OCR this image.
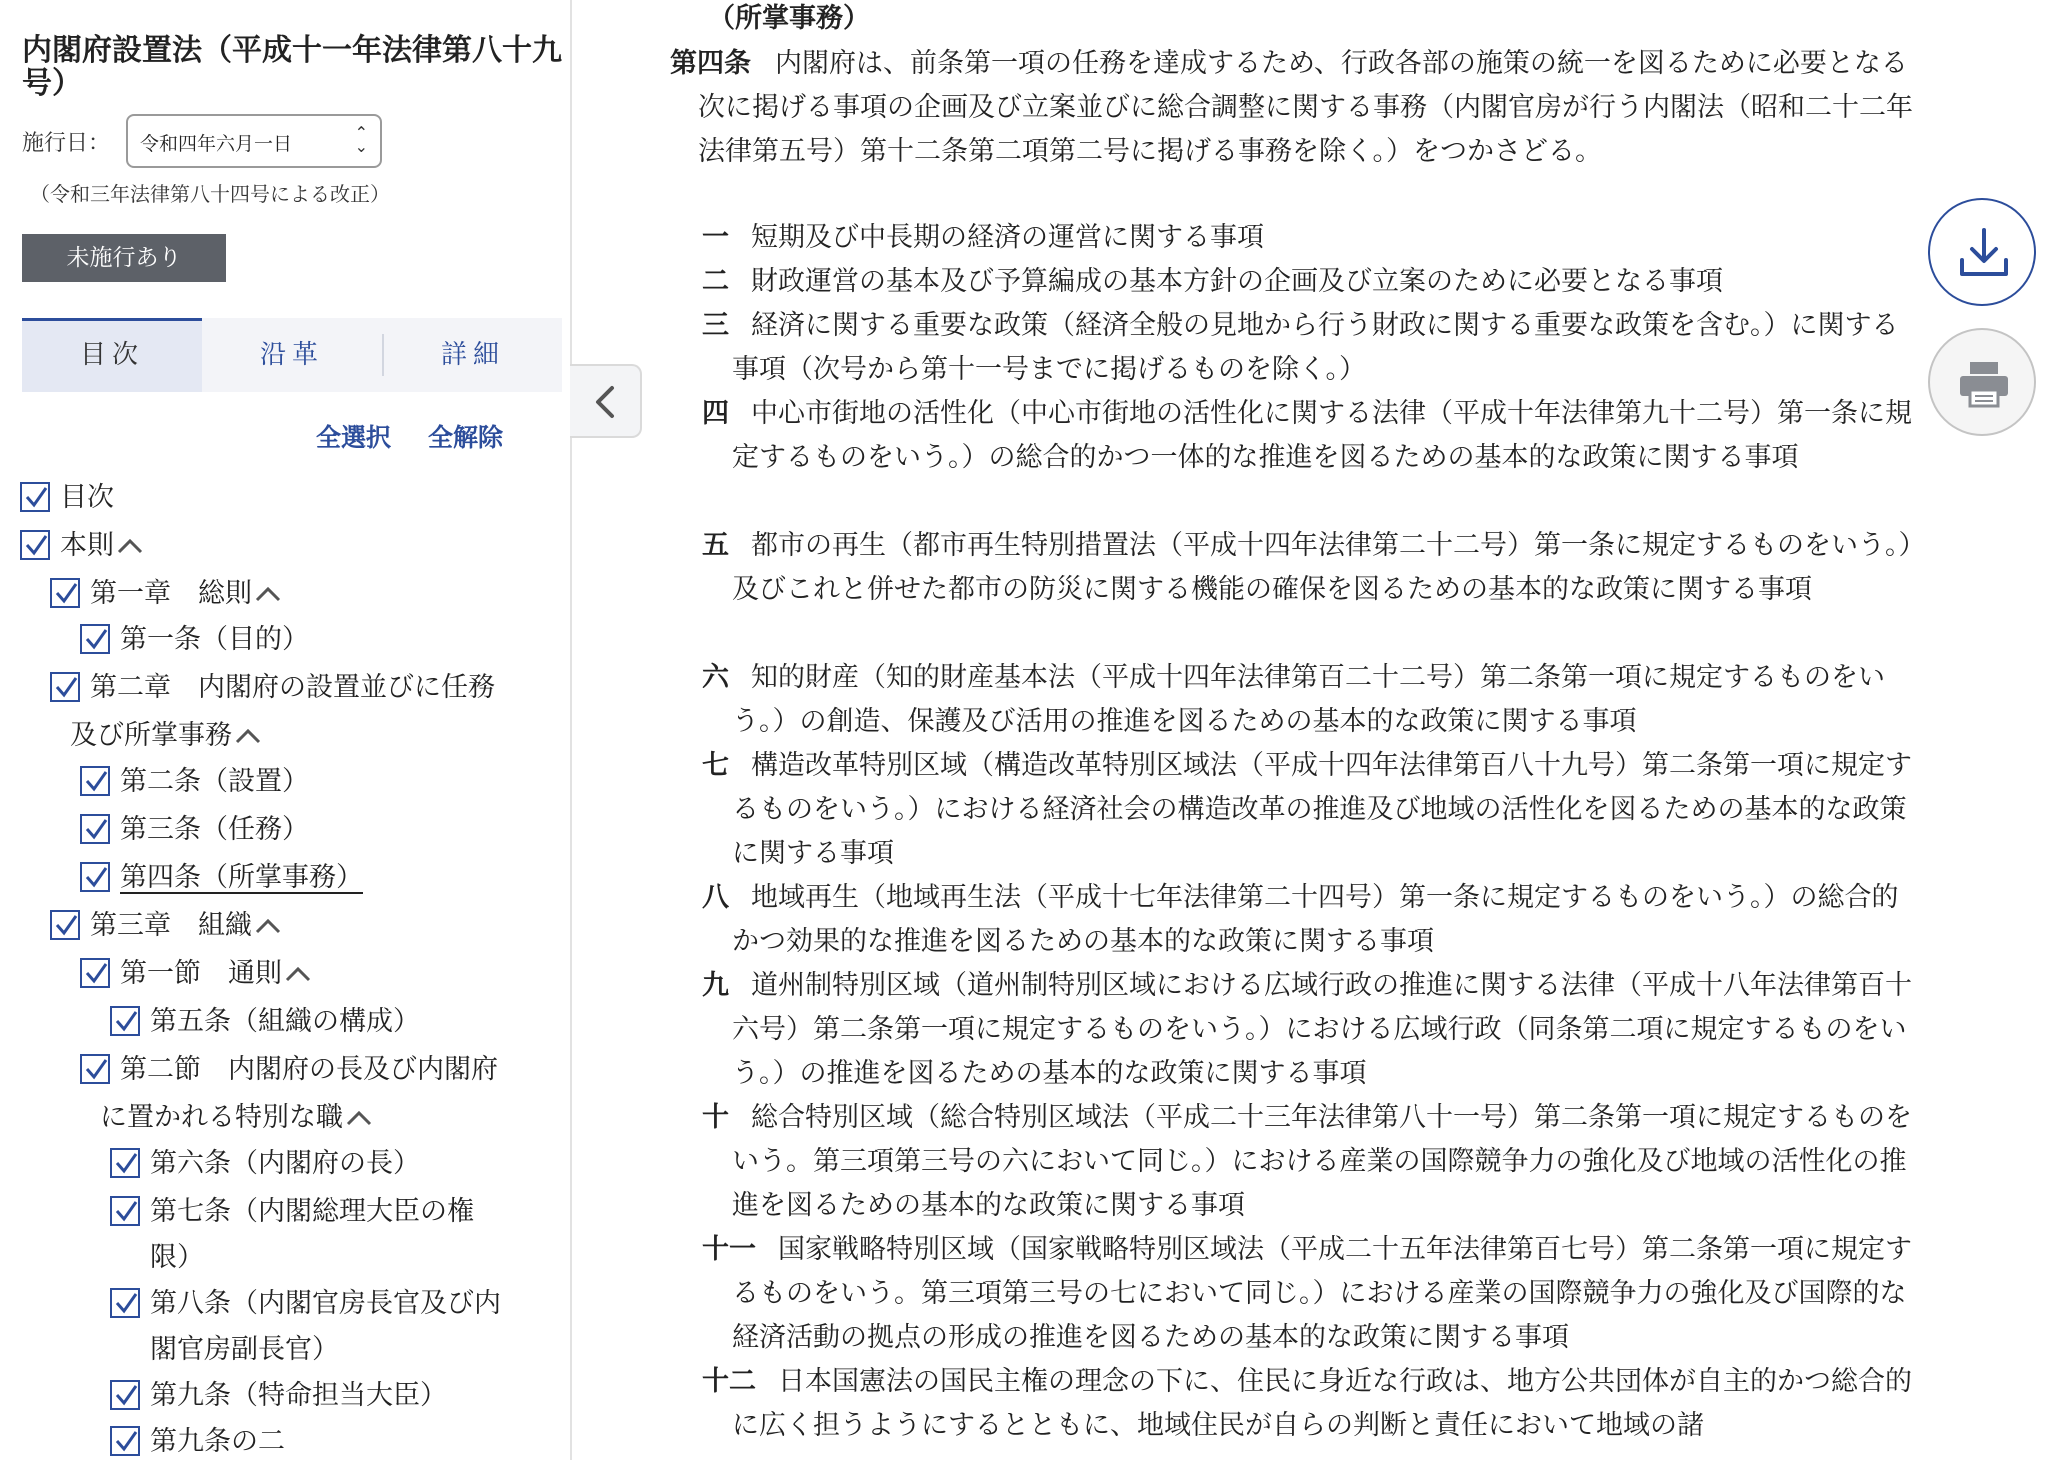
内閣府設置法（平成十一年法律第八十九号）
施行日： 令和四年六月一日
⌃
⌄
（令和三年法律第八十四号による改正）
未施行あり
目次	沿革	詳細
全選択 全解除
目次
本則
第一章　総則
第一条（目的）
第二章　内閣府の設置並びに任務
及び所掌事務
第二条（設置）
第三条（任務）
第四条（所掌事務）
第三章　組織
第一節　通則
第五条（組織の構成）
第二節　内閣府の長及び内閣府
に置かれる特別な職
第六条（内閣府の長）
第七条（内閣総理大臣の権
限）
第八条（内閣官房長官及び内
閣官房副長官）
第九条（特命担当大臣）
第九条の二
（所掌事務）
第四条 内閣府は、前条第一項の任務を達成するため、行政各部の施策の統一を図るために必要となる次に掲げる事項の企画及び立案並びに総合調整に関する事務（内閣官房が行う内閣法（昭和二十二年法律第五号）第十二条第二項第二号に掲げる事務を除く。）をつかさどる。
一 短期及び中長期の経済の運営に関する事項
二 財政運営の基本及び予算編成の基本方針の企画及び立案のために必要となる事項
三 経済に関する重要な政策（経済全般の見地から行う財政に関する重要な政策を含む。）に関する事項（次号から第十一号までに掲げるものを除く。）
四 中心市街地の活性化（中心市街地の活性化に関する法律（平成十年法律第九十二号）第一条に規定するものをいう。）の総合的かつ一体的な推進を図るための基本的な政策に関する事項
五 都市の再生（都市再生特別措置法（平成十四年法律第二十二号）第一条に規定するものをいう。）及びこれと併せた都市の防災に関する機能の確保を図るための基本的な政策に関する事項
六 知的財産（知的財産基本法（平成十四年法律第百二十二号）第二条第一項に規定するものをいう。）の創造、保護及び活用の推進を図るための基本的な政策に関する事項
七 構造改革特別区域（構造改革特別区域法（平成十四年法律第百八十九号）第二条第一項に規定するものをいう。）における経済社会の構造改革の推進及び地域の活性化を図るための基本的な政策に関する事項
八 地域再生（地域再生法（平成十七年法律第二十四号）第一条に規定するものをいう。）の総合的かつ効果的な推進を図るための基本的な政策に関する事項
九 道州制特別区域（道州制特別区域における広域行政の推進に関する法律（平成十八年法律第百十六号）第二条第一項に規定するものをいう。）における広域行政（同条第二項に規定するものをいう。）の推進を図るための基本的な政策に関する事項
十 総合特別区域（総合特別区域法（平成二十三年法律第八十一号）第二条第一項に規定するものをいう。第三項第三号の六において同じ。）における産業の国際競争力の強化及び地域の活性化の推進を図るための基本的な政策に関する事項
十一 国家戦略特別区域（国家戦略特別区域法（平成二十五年法律第百七号）第二条第一項に規定するものをいう。第三項第三号の七において同じ。）における産業の国際競争力の強化及び国際的な経済活動の拠点の形成の推進を図るための基本的な政策に関する事項
十二 日本国憲法の国民主権の理念の下に、住民に身近な行政は、地方公共団体が自主的かつ総合的に広く担うようにするとともに、地域住民が自らの判断と責任において地域の諸
